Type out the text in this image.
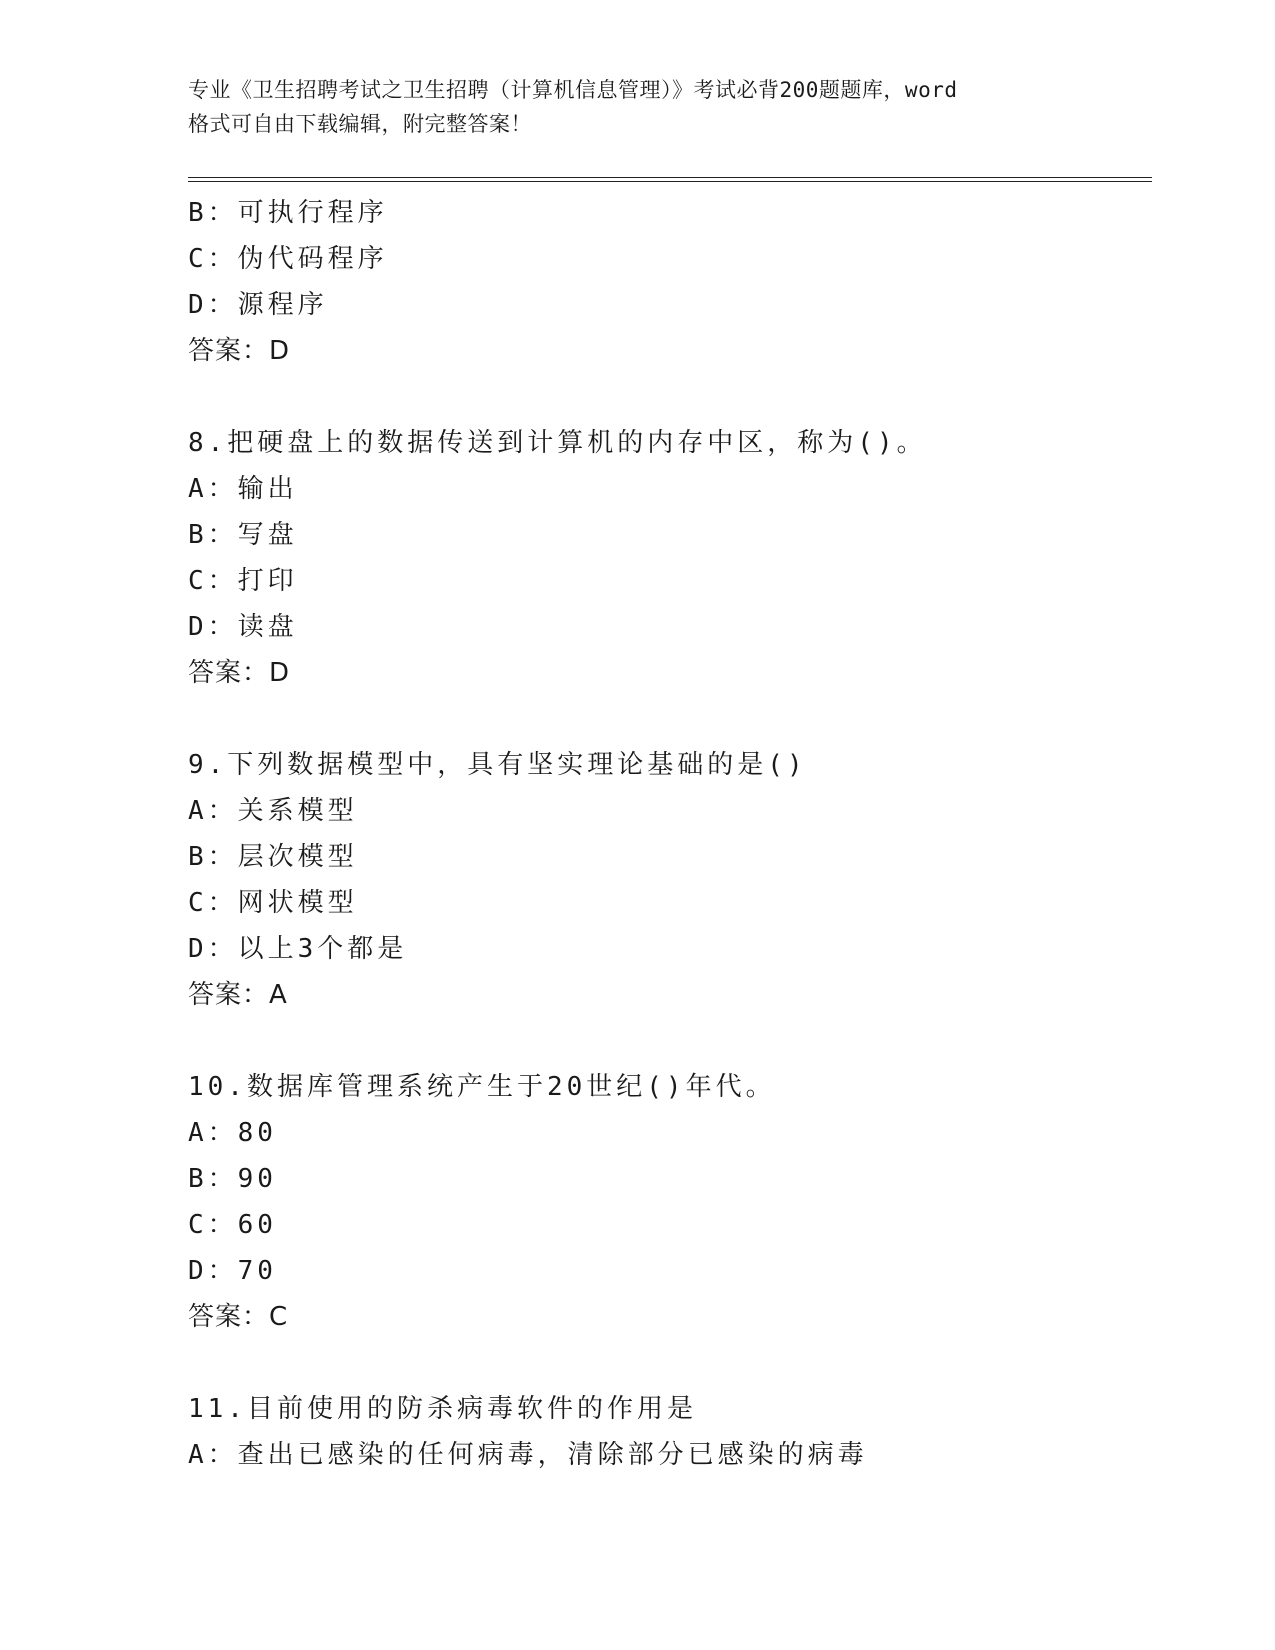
专业《卫生招聘考试之卫生招聘（计算机信息管理）》考试必背200题题库，word
格式可自由下载编辑，附完整答案！
B：可执行程序
C：伪代码程序
D：源程序
答案：D
8.把硬盘上的数据传送到计算机的内存中区，称为()。
A：输出
B：写盘
C：打印
D：读盘
答案：D
9.下列数据模型中，具有坚实理论基础的是()
A：关系模型
B：层次模型
C：网状模型
D：以上3个都是
答案：A
10.数据库管理系统产生于20世纪()年代。
A：80
B：90
C：60
D：70
答案：C
11.目前使用的防杀病毒软件的作用是
A：查出已感染的任何病毒，清除部分已感染的病毒
